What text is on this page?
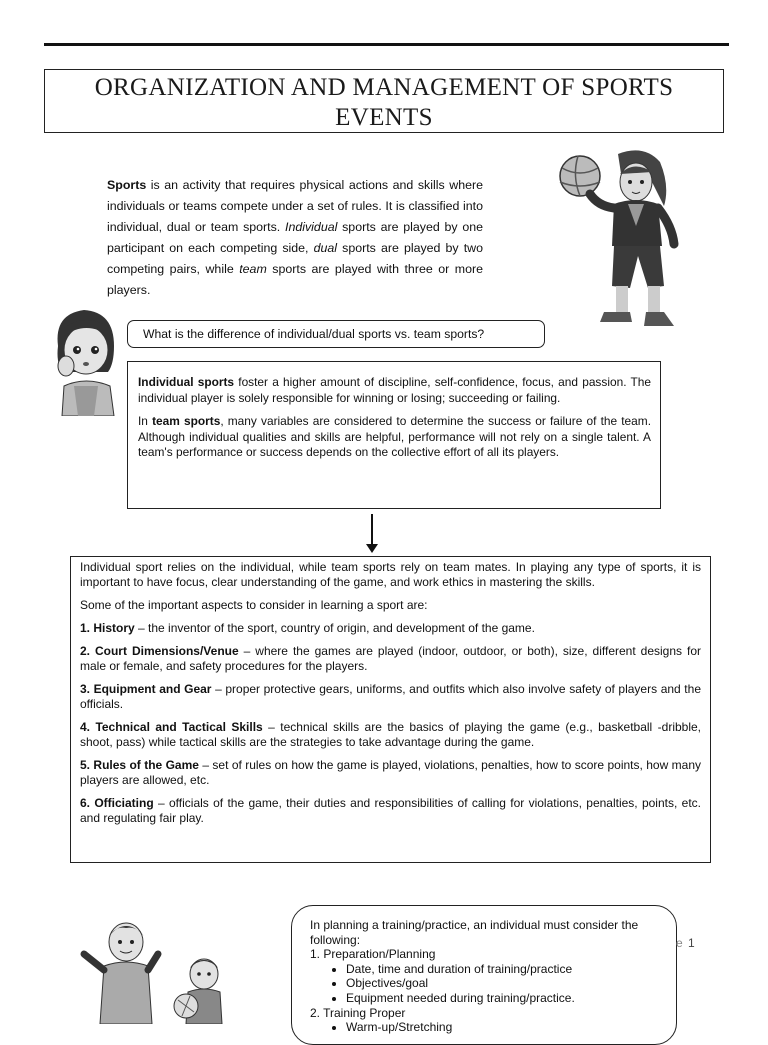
ORGANIZATION AND MANAGEMENT OF SPORTS EVENTS
Sports is an activity that requires physical actions and skills where individuals or teams compete under a set of rules. It is classified into individual, dual or team sports. Individual sports are played by one participant on each competing side, dual sports are played by two competing pairs, while team sports are played with three or more players.
What is the difference of individual/dual sports vs. team sports?

Individual sports foster a higher amount of discipline, self-confidence, focus, and passion. The individual player is solely responsible for winning or losing; succeeding or failing.

In team sports, many variables are considered to determine the success or failure of the team. Although individual qualities and skills are helpful, performance will not rely on a single talent. A team's performance or success depends on the collective effort of all its players.

Individual sport relies on the individual, while team sports rely on team mates. In playing any type of sports, it is important to have focus, clear understanding of the game, and work ethics in mastering the skills.

Some of the important aspects to consider in learning a sport are:

1. History – the inventor of the sport, country of origin, and development of the game.

2. Court Dimensions/Venue – where the games are played (indoor, outdoor, or both), size, different designs for male or female, and safety procedures for the players.

3. Equipment and Gear – proper protective gears, uniforms, and outfits which also involve safety of players and the officials.

4. Technical and Tactical Skills – technical skills are the basics of playing the game (e.g., basketball -dribble, shoot, pass) while tactical skills are the strategies to take advantage during the game.

5. Rules of the Game – set of rules on how the game is played, violations, penalties, how to score points, how many players are allowed, etc.

6. Officiating – officials of the game, their duties and responsibilities of calling for violations, penalties, points, etc. and regulating fair play.

In planning a training/practice, an individual must consider the following:
1. Preparation/Planning
• Date, time and duration of training/practice
• Objectives/goal
• Equipment needed during training/practice.
2. Training Proper
• Warm-up/Stretching
e 1
